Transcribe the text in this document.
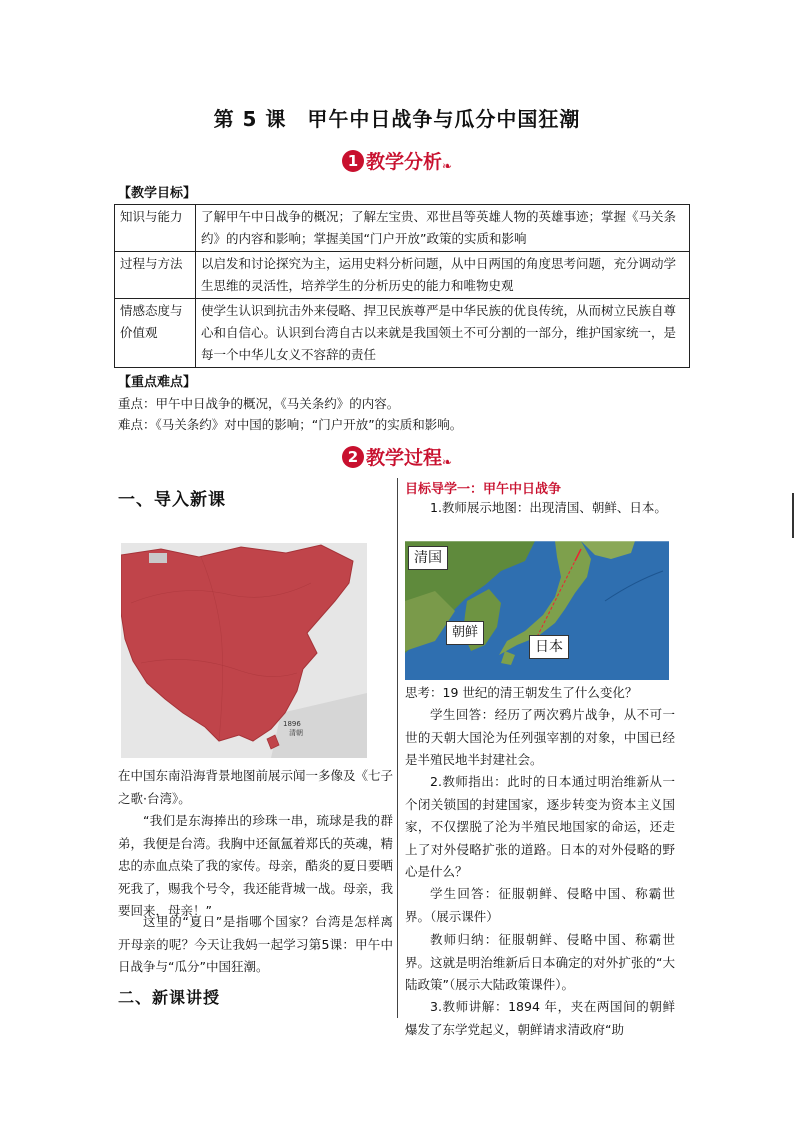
第 5 课　甲午中日战争与瓜分中国狂潮
1 教学分析❧
【教学目标】
知识与能力	了解甲午中日战争的概况；了解左宝贵、邓世昌等英雄人物的英雄事迹；掌握《马关条约》的内容和影响；掌握美国“门户开放”政策的实质和影响
过程与方法	以启发和讨论探究为主，运用史料分析问题，从中日两国的角度思考问题，充分调动学生思维的灵活性，培养学生的分析历史的能力和唯物史观
情感态度与价值观	使学生认识到抗击外来侵略、捍卫民族尊严是中华民族的优良传统，从而树立民族自尊心和自信心。认识到台湾自古以来就是我国领土不可分割的一部分，维护国家统一，是每一个中华儿女义不容辞的责任
【重点难点】
重点：甲午中日战争的概况，《马关条约》的内容。
难点：《马关条约》对中国的影响；“门户开放”的实质和影响。
2 教学过程❧
一、导入新课
1896
清朝
在中国东南沿海背景地图前展示闻一多像及《七子之歌·台湾》。
“我们是东海捧出的珍珠一串，琉球是我的群弟，我便是台湾。我胸中还氤氲着郑氏的英魂，精忠的赤血点染了我的家传。母亲，酷炎的夏日要晒死我了，赐我个号令，我还能背城一战。母亲，我要回来，母亲！”
这里的“夏日”是指哪个国家？台湾是怎样离开母亲的呢？今天让我妈一起学习第5课：甲午中日战争与“瓜分”中国狂潮。
二、新课讲授
目标导学一：甲午中日战争
1.教师展示地图：出现清国、朝鲜、日本。
清国
朝鲜
日本
思考：19 世纪的清王朝发生了什么变化？
学生回答：经历了两次鸦片战争，从不可一世的天朝大国沦为任列强宰割的对象，中国已经是半殖民地半封建社会。
2.教师指出：此时的日本通过明治维新从一个闭关锁国的封建国家，逐步转变为资本主义国家，不仅摆脱了沦为半殖民地国家的命运，还走上了对外侵略扩张的道路。日本的对外侵略的野心是什么？
学生回答：征服朝鲜、侵略中国、称霸世界。（展示课件）
教师归纳：征服朝鲜、侵略中国、称霸世界。这就是明治维新后日本确定的对外扩张的“大陆政策”（展示大陆政策课件）。
3.教师讲解：1894 年，夹在两国间的朝鲜爆发了东学党起义，朝鲜请求清政府“助
